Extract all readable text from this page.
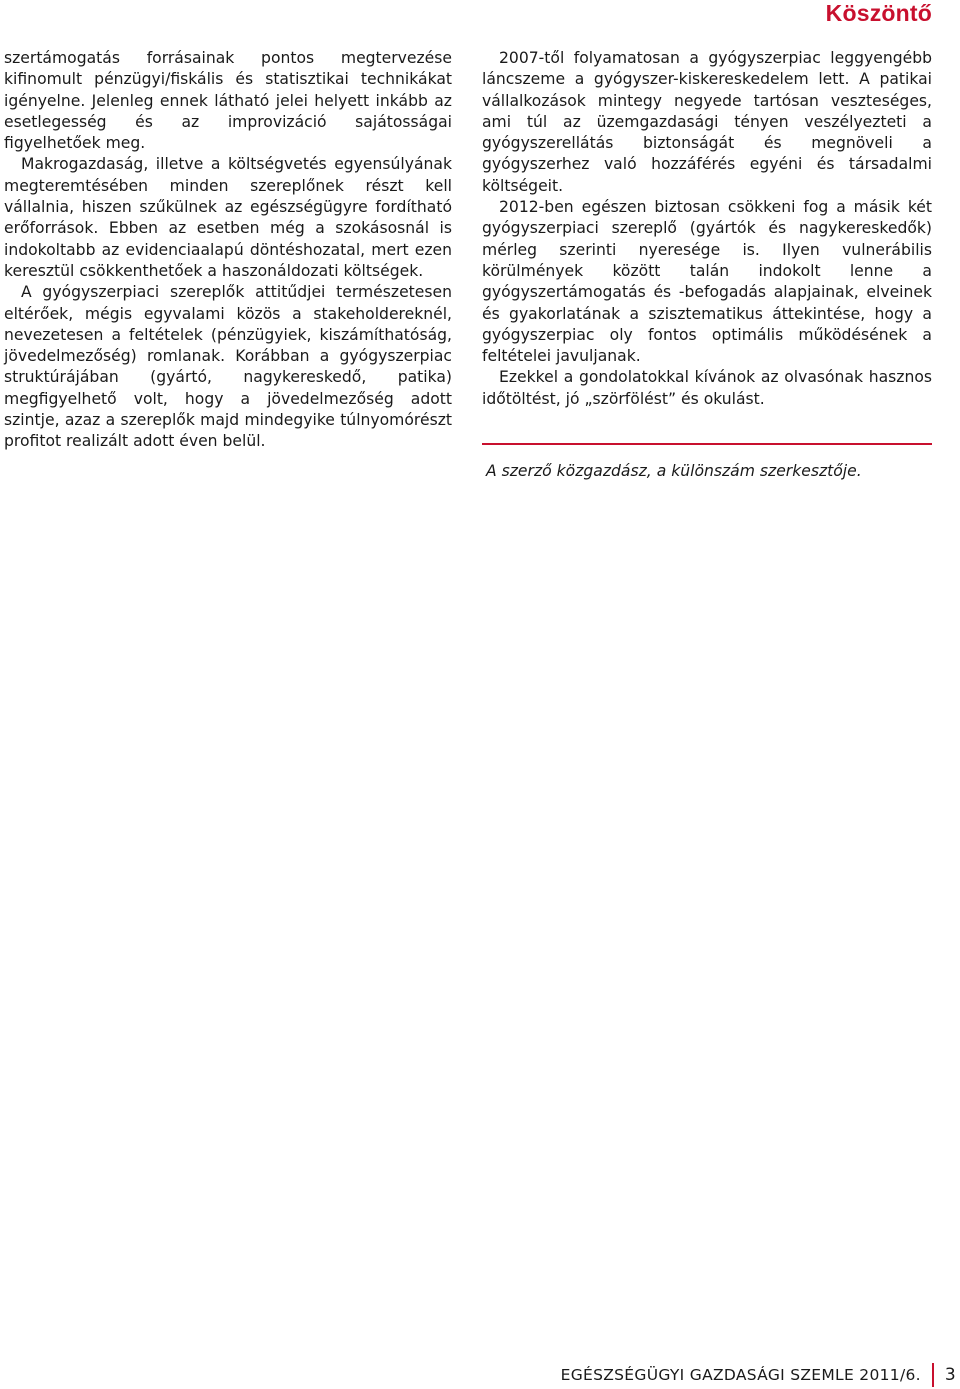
Köszöntő

szertámogatás forrásainak pontos megtervezése kifinomult pénzügyi/fiskális és statisztikai technikákat igényelne. Jelenleg ennek látható jelei helyett inkább az esetlegesség és az improvizáció sajátosságai figyelhetőek meg.

Makrogazdaság, illetve a költségvetés egyensúlyának megteremtésében minden szereplőnek részt kell vállalnia, hiszen szűkülnek az egészségügyre fordítható erőforrások. Ebben az esetben még a szokásosnál is indokoltabb az evidenciaalapú döntéshozatal, mert ezen keresztül csökkenthetőek a haszonáldozati költségek.

A gyógyszerpiaci szereplők attitűdjei természetesen eltérőek, mégis egyvalami közös a stakeholdereknél, nevezetesen a feltételek (pénzügyiek, kiszámíthatóság, jövedelmezőség) romlanak. Korábban a gyógyszerpiac struktúrájában (gyártó, nagykereskedő, patika) megfigyelhető volt, hogy a jövedelmezőség adott szintje, azaz a szereplők majd mindegyike túlnyomórészt profitot realizált adott éven belül.

2007-től folyamatosan a gyógyszerpiac leggyengébb láncszeme a gyógyszer-kiskereskedelem lett. A patikai vállalkozások mintegy negyede tartósan veszteséges, ami túl az üzemgazdasági tényen veszélyezteti a gyógyszerellátás biztonságát és megnöveli a gyógyszerhez való hozzáférés egyéni és társadalmi költségeit.

2012-ben egészen biztosan csökkeni fog a másik két gyógyszerpiaci szereplő (gyártók és nagykereskedők) mérleg szerinti nyeresége is. Ilyen vulnerábilis körülmények között talán indokolt lenne a gyógyszertámogatás és -befogadás alapjainak, elveinek és gyakorlatának a szisztematikus áttekintése, hogy a gyógyszerpiac oly fontos optimális működésének a feltételei javuljanak.

Ezekkel a gondolatokkal kívánok az olvasónak hasznos időtöltést, jó „szörfölést” és okulást.

A szerző közgazdász, a különszám szerkesztője.
EGÉSZSÉGÜGYI GAZDASÁGI SZEMLE 2011/6. 3
